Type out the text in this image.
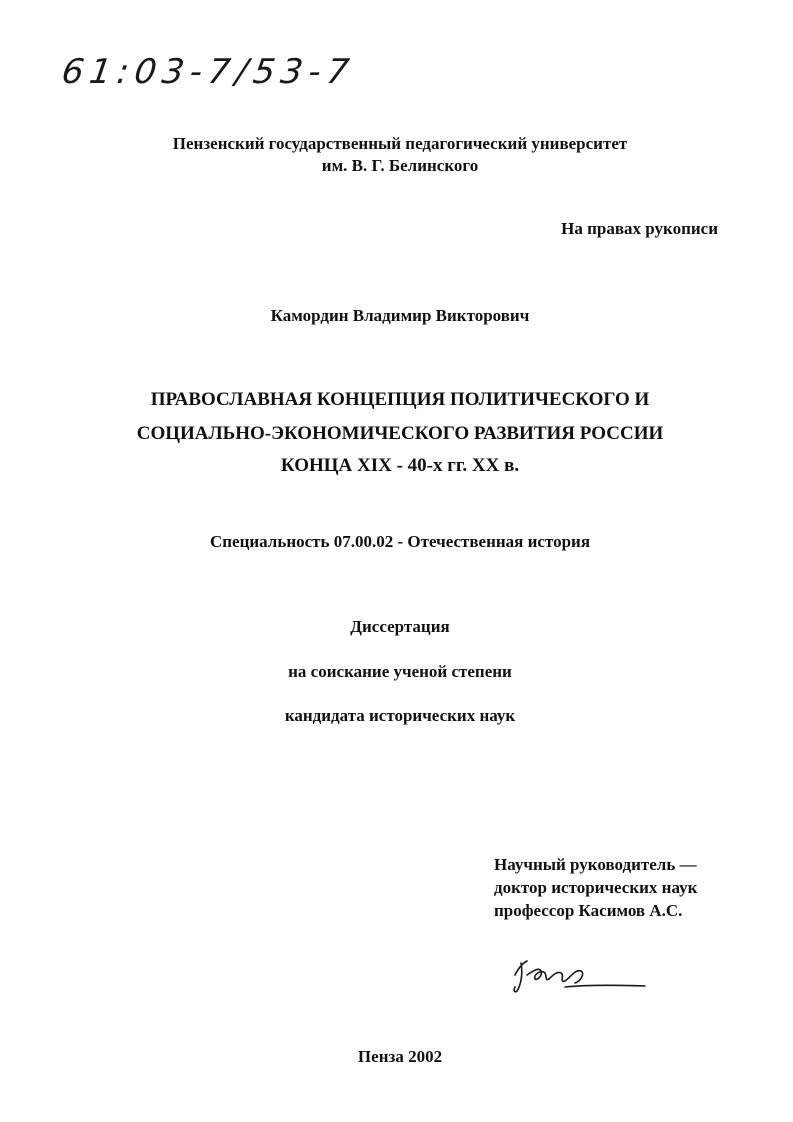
61:03-7/53-7
Пензенский государственный педагогический университет
им. В. Г. Белинского
На правах рукописи
Камордин Владимир Викторович
ПРАВОСЛАВНАЯ КОНЦЕПЦИЯ ПОЛИТИЧЕСКОГО И
СОЦИАЛЬНО-ЭКОНОМИЧЕСКОГО РАЗВИТИЯ РОССИИ
КОНЦА XIX - 40-х гг. XX в.
Специальность 07.00.02 - Отечественная история
Диссертация
на соискание ученой степени
кандидата исторических наук
Научный руководитель —
доктор исторических наук
профессор Касимов А.С.
Пенза 2002
